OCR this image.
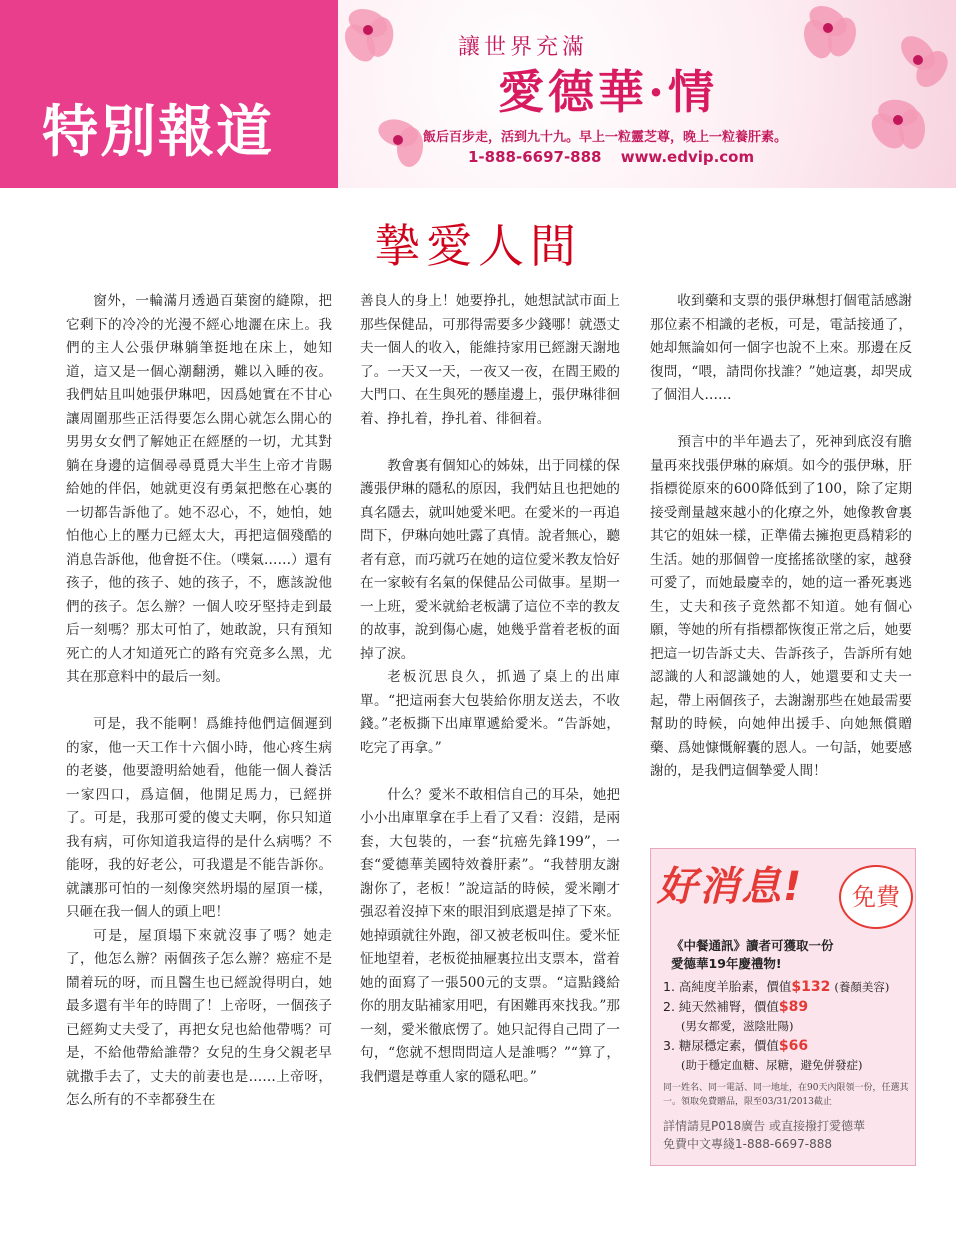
特別報道
讓世界充滿
愛德華·情
飯后百步走，活到九十九。早上一粒靈芝尊，晚上一粒養肝素。
1-888-6697-888 www.edvip.com
摯愛人間

窗外，一輪滿月透過百葉窗的縫隙，把它剩下的冷冷的光漫不經心地灑在床上。我們的主人公張伊琳躺筆挺地在床上，她知道，這又是一個心潮翻湧，難以入睡的夜。我們姑且叫她張伊琳吧，因爲她實在不甘心讓周圍那些正活得要怎么開心就怎么開心的男男女女們了解她正在經歷的一切，尤其對躺在身邊的這個尋尋覓覓大半生上帝才肯賜給她的伴侶，她就更沒有勇氣把憋在心裏的一切都告訴他了。她不忍心，不，她怕，她怕他心上的壓力已經太大，再把這個殘酷的消息告訴他，他會挺不住。（噗氣……）還有孩子，他的孩子、她的孩子，不，應該說他們的孩子。怎么辦？一個人咬牙堅持走到最后一刻嗎？那太可怕了，她敢說，只有預知死亡的人才知道死亡的路有究竟多么黑，尤其在那意料中的最后一刻。

可是，我不能啊！爲維持他們這個遲到的家，他一天工作十六個小時，他心疼生病的老婆，他要證明給她看，他能一個人養活一家四口，爲這個，他開足馬力，已經拼了。可是，我那可愛的傻丈夫啊，你只知道我有病，可你知道我這得的是什么病嗎？不能呀，我的好老公，可我還是不能告訴你。就讓那可怕的一刻像突然坍塌的屋頂一樣，只砸在我一個人的頭上吧！

可是，屋頂塌下來就沒事了嗎？她走了，他怎么辦？兩個孩子怎么辦？癌症不是鬧着玩的呀，而且醫生也已經說得明白，她最多還有半年的時間了！上帝呀，一個孩子已經夠丈夫受了，再把女兒也給他帶嗎？可是，不給他帶給誰帶？女兒的生身父親老早就撒手去了，丈夫的前妻也是……上帝呀，怎么所有的不幸都發生在

善良人的身上！她要挣扎，她想試試市面上那些保健品，可那得需要多少錢哪！就憑丈夫一個人的收入，能維持家用已經謝天謝地了。一天又一天，一夜又一夜，在閻王殿的大門口、在生與死的懸崖邊上，張伊琳徘徊着、挣扎着，挣扎着、徘徊着。

教會裏有個知心的姊妹，出于同樣的保護張伊琳的隱私的原因，我們姑且也把她的真名隱去，就叫她愛米吧。在愛米的一再追問下，伊琳向她吐露了真情。說者無心，聽者有意，而巧就巧在她的這位愛米教友恰好在一家較有名氣的保健品公司做事。星期一一上班，愛米就給老板講了這位不幸的教友的故事，說到傷心處，她幾乎當着老板的面掉了淚。

老板沉思良久，抓過了桌上的出庫單。“把這兩套大包裝給你朋友送去，不收錢。”老板撕下出庫單遞給愛米。“告訴她，吃完了再拿。”

什么？愛米不敢相信自己的耳朵，她把小小出庫單拿在手上看了又看：沒錯，是兩套，大包裝的，一套“抗癌先鋒199”，一套“愛德華美國特效養肝素”。“我替朋友謝謝你了，老板！”說這話的時候，愛米剛才强忍着沒掉下來的眼泪到底還是掉了下來。她掉頭就往外跑，卻又被老板叫住。愛米怔怔地望着，老板從抽屜裏拉出支票本，當着她的面寫了一張500元的支票。“這點錢給你的朋友貼補家用吧，有困難再來找我。”那一刻，愛米徹底愣了。她只記得自己問了一句，“您就不想問問這人是誰嗎？”“算了，我們還是尊重人家的隱私吧。”

收到藥和支票的張伊琳想打個電話感謝那位素不相識的老板，可是，電話接通了，她却無論如何一個字也說不上來。那邊在反復問，“喂，請問你找誰？”她這裏，却哭成了個泪人……

預言中的半年過去了，死神到底沒有膽量再來找張伊琳的麻煩。如今的張伊琳，肝指標從原來的600降低到了100，除了定期接受劑量越來越小的化療之外，她像教會裏其它的姐妹一樣，正準備去擁抱更爲精彩的生活。她的那個曾一度搖搖欲墜的家，越發可愛了，而她最慶幸的，她的這一番死裏逃生，丈夫和孩子竟然都不知道。她有個心願，等她的所有指標都恢復正常之后，她要把這一切告訴丈夫、告訴孩子，告訴所有她認識的人和認識她的人，她還要和丈夫一起，帶上兩個孩子，去謝謝那些在她最需要幫助的時候，向她伸出援手、向她無償贈藥、爲她慷慨解囊的恩人。一句話，她要感謝的，是我們這個摯愛人間！

好消息!	免費
《中餐通訊》讀者可獲取一份
愛德華19年慶禮物!
1. 高純度羊胎素，價值$132 (養顏美容)
2. 純天然補腎，價值$89
(男女都愛，滋陰壯陽)
3. 糖尿穩定素，價值$66
(助于穩定血糖、尿糖，避免併發症)
同一姓名、同一電話、同一地址，在90天內限領一份，任選其一。領取免費贈品，限至03/31/2013截止
詳情請見P018廣告 或直接撥打愛德華
免費中文專綫1-888-6697-888
